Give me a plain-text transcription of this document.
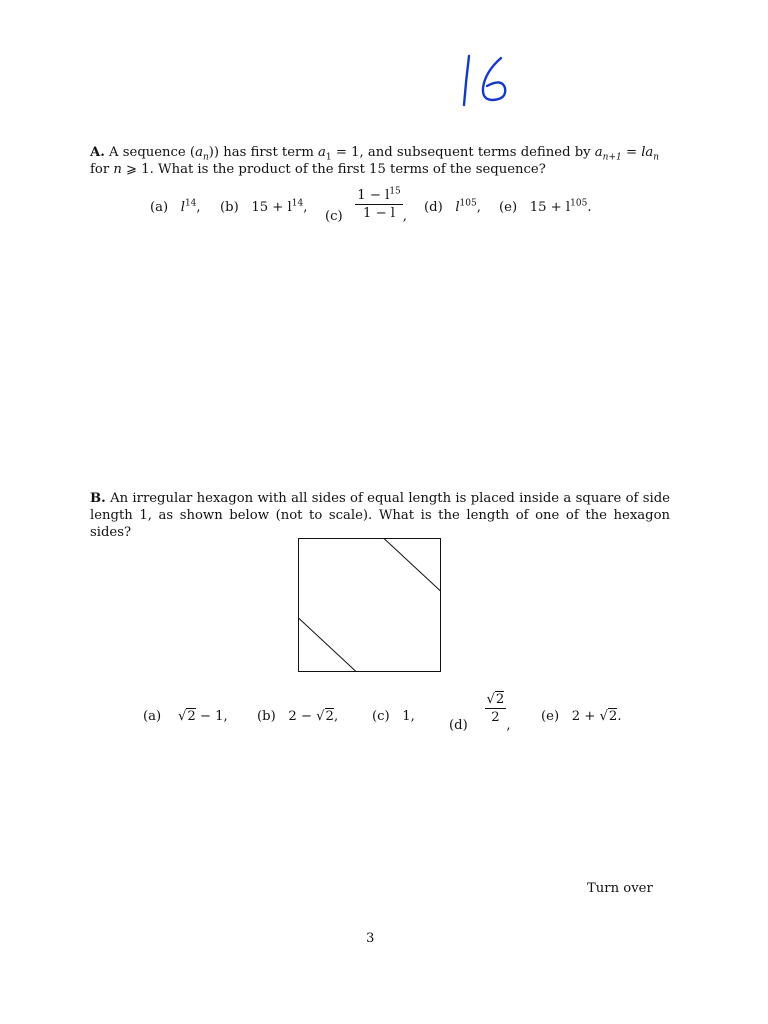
A. A sequence $(a_n)$) has first term $a_1 = 1$, and subsequent terms defined by $a_{n+1} = la_n$
for n ⩾ 1. What is the product of the first 15 terms of the sequence?
(a) $l^{14}$, (b) $15 + l^{14}$,
$(c) \frac{1 - l^{15}}{1 - l}$ ,
(d) $l^{105}$, (e) $15 + l^{105}$.
B. An irregular hexagon with all sides of equal length is placed inside a square of side length 1, as shown below (not to scale). What is the length of one of the hexagon sides?
(a) √2 − 1, (b) 2 − √2,	(c) 1,
(d)
$\frac{√2}{2}$
,
(e) 2 + √2.
Turn over
3
